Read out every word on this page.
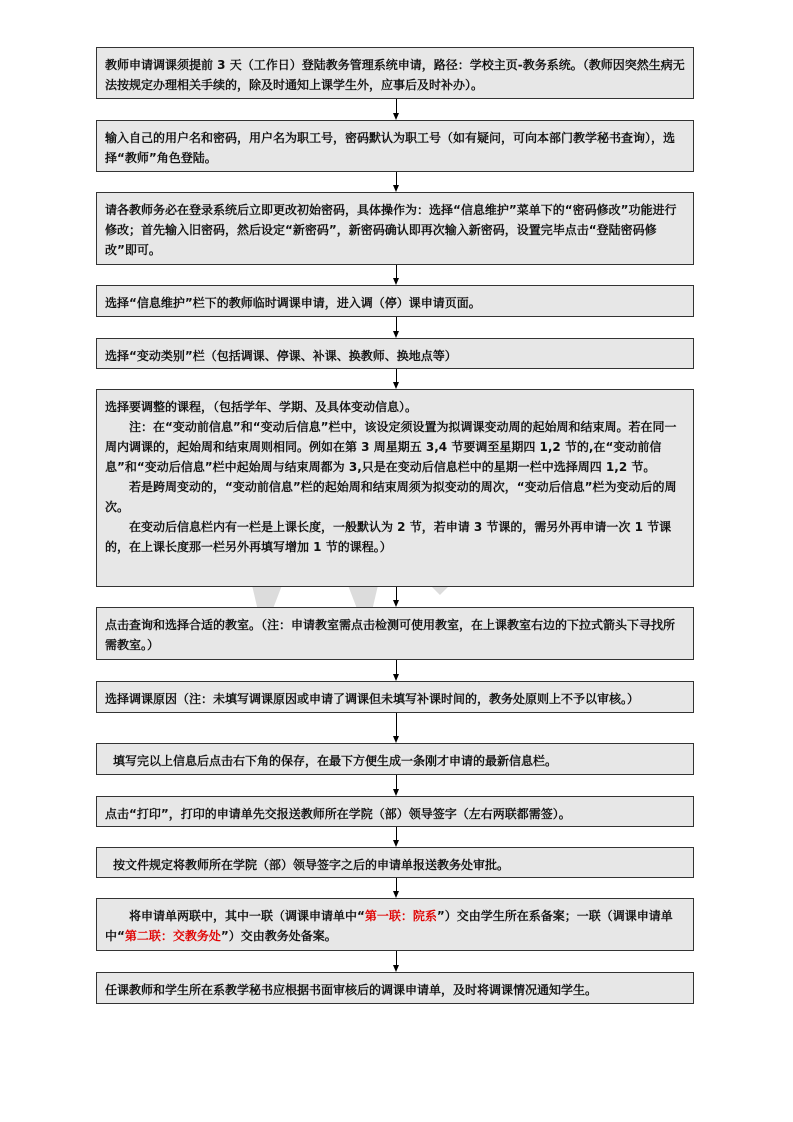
教师申请调课须提前 3 天（工作日）登陆教务管理系统申请，路径：学校主页-教务系统。（教师因突然生病无法按规定办理相关手续的，除及时通知上课学生外，应事后及时补办）。

输入自己的用户名和密码，用户名为职工号，密码默认为职工号（如有疑问，可向本部门教学秘书查询），选择“教师”角色登陆。

请各教师务必在登录系统后立即更改初始密码，具体操作为：选择“信息维护”菜单下的“密码修改”功能进行修改；首先输入旧密码，然后设定“新密码”，新密码确认即再次输入新密码，设置完毕点击“登陆密码修改”即可。

选择“信息维护”栏下的教师临时调课申请，进入调（停）课申请页面。

选择“变动类别”栏（包括调课、停课、补课、换教师、换地点等）

选择要调整的课程，（包括学年、学期、及具体变动信息）。

注：在“变动前信息”和“变动后信息”栏中，该设定须设置为拟调课变动周的起始周和结束周。若在同一周内调课的，起始周和结束周则相同。例如在第 3 周星期五 3,4 节要调至星期四 1,2 节的,在“变动前信息”和“变动后信息”栏中起始周与结束周都为 3,只是在变动后信息栏中的星期一栏中选择周四 1,2 节。

若是跨周变动的，“变动前信息”栏的起始周和结束周须为拟变动的周次，“变动后信息”栏为变动后的周次。

在变动后信息栏内有一栏是上课长度，一般默认为 2 节，若申请 3 节课的，需另外再申请一次 1 节课的，在上课长度那一栏另外再填写增加 1 节的课程。）

点击查询和选择合适的教室。（注：申请教室需点击检测可使用教室，在上课教室右边的下拉式箭头下寻找所需教室。）

选择调课原因（注：未填写调课原因或申请了调课但未填写补课时间的，教务处原则上不予以审核。）

填写完以上信息后点击右下角的保存，在最下方便生成一条刚才申请的最新信息栏。

点击“打印”，打印的申请单先交报送教师所在学院（部）领导签字（左右两联都需签）。

按文件规定将教师所在学院（部）领导签字之后的申请单报送教务处审批。

将申请单两联中，其中一联（调课申请单中“第一联：院系”）交由学生所在系备案；一联（调课申请单中“第二联：交教务处”）交由教务处备案。

任课教师和学生所在系教学秘书应根据书面审核后的调课申请单，及时将调课情况通知学生。
